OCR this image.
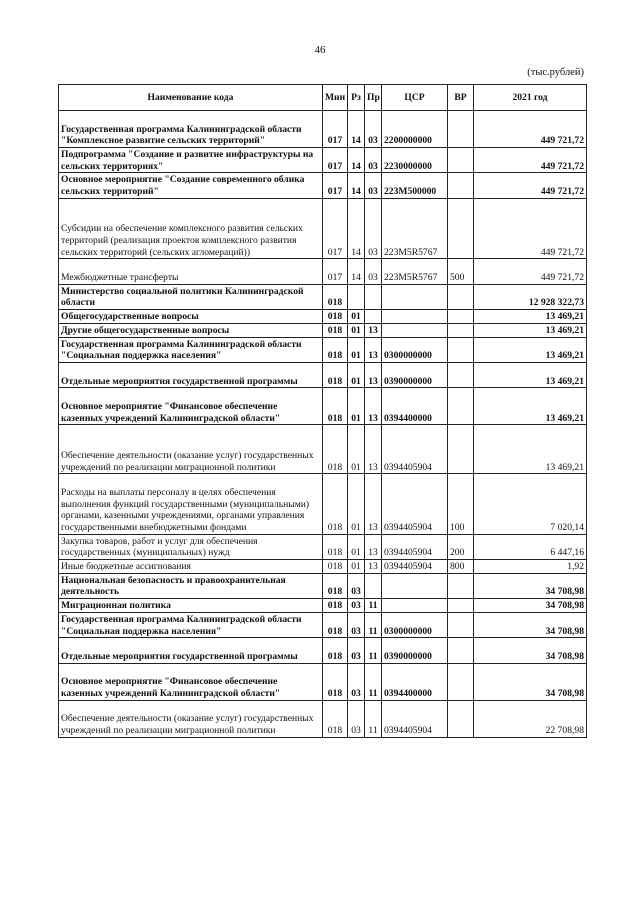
46
(тыс.рублей)
Наименование кода	Мин	Рз	Пр	ЦСР	ВР	2021 год
Государственная программа Калининградской области "Комплексное развитие сельских территорий"	017	14	03	2200000000		449 721,72
Подпрограмма "Создание и развитие инфраструктуры на сельских территориях"	017	14	03	2230000000		449 721,72
Основное мероприятие "Создание современного облика сельских территорий"	017	14	03	223М500000		449 721,72
Субсидии на обеспечение комплексного развития сельских территорий (реализация проектов комплексного развития сельских территорий (сельских агломераций))	017	14	03	223М5R5767		449 721,72
Межбюджетные трансферты	017	14	03	223М5R5767	500	449 721,72
Министерство социальной политики Калининградской области	018					12 928 322,73
Общегосударственные вопросы	018	01				13 469,21
Другие общегосударственные вопросы	018	01	13			13 469,21
Государственная программа Калининградской области "Социальная поддержка населения"	018	01	13	0300000000		13 469,21
Отдельные мероприятия государственной программы	018	01	13	0390000000		13 469,21
Основное мероприятие "Финансовое обеспечение казенных учреждений Калининградской области"	018	01	13	0394400000		13 469,21
Обеспечение деятельности (оказание услуг) государственных учреждений по реализации миграционной политики	018	01	13	0394405904		13 469,21
Расходы на выплаты персоналу в целях обеспечения выполнения функций государственными (муниципальными) органами, казенными учреждениями, органами управления государственными внебюджетными фондами	018	01	13	0394405904	100	7 020,14
Закупка товаров, работ и услуг для обеспечения государственных (муниципальных) нужд	018	01	13	0394405904	200	6 447,16
Иные бюджетные ассигнования	018	01	13	0394405904	800	1,92
Национальная безопасность и правоохранительная деятельность	018	03				34 708,98
Миграционная политика	018	03	11			34 708,98
Государственная программа Калининградской области "Социальная поддержка населения"	018	03	11	0300000000		34 708,98
Отдельные мероприятия государственной программы	018	03	11	0390000000		34 708,98
Основное мероприятие "Финансовое обеспечение казенных учреждений Калининградской области"	018	03	11	0394400000		34 708,98
Обеспечение деятельности (оказание услуг) государственных учреждений по реализации миграционной политики	018	03	11	0394405904		22 708,98
